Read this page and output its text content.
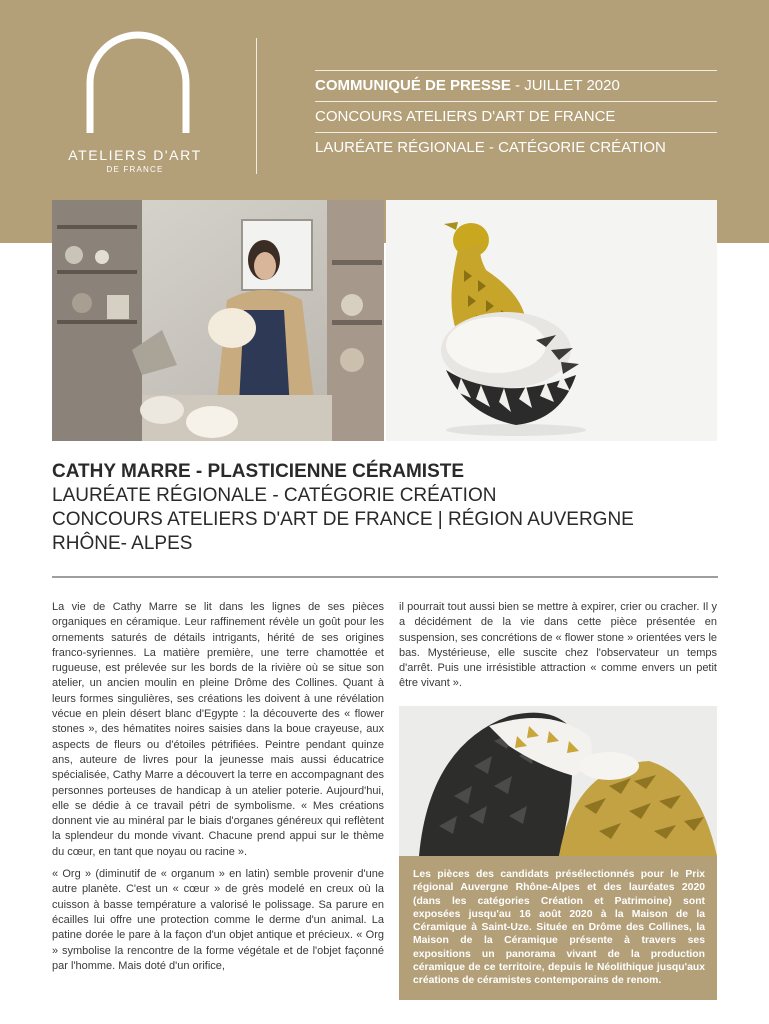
ATELIERS D'ART
DE FRANCE
COMMUNIQUÉ DE PRESSE - JUILLET 2020
CONCOURS ATELIERS D'ART DE FRANCE
LAURÉATE RÉGIONALE - CATÉGORIE CRÉATION
CATHY MARRE - PLASTICIENNE CÉRAMISTE
LAURÉATE RÉGIONALE - CATÉGORIE CRÉATION
CONCOURS ATELIERS D'ART DE FRANCE | RÉGION AUVERGNE
RHÔNE- ALPES

La vie de Cathy Marre se lit dans les lignes de ses pièces organiques en céramique. Leur raffinement révèle un goût pour les ornements saturés de détails intrigants, hérité de ses origines franco-syriennes. La matière première, une terre chamottée et rugueuse, est prélevée sur les bords de la rivière où se situe son atelier, un ancien moulin en pleine Drôme des Collines. Quant à leurs formes singulières, ses créations les doivent à une révélation vécue en plein désert blanc d'Egypte : la découverte des « flower stones », des hématites noires saisies dans la boue crayeuse, aux aspects de fleurs ou d'étoiles pétrifiées. Peintre pendant quinze ans, auteure de livres pour la jeunesse mais aussi éducatrice spécialisée, Cathy Marre a découvert la terre en accompagnant des personnes porteuses de handicap à un atelier poterie. Aujourd'hui, elle se dédie à ce travail pétri de symbolisme. « Mes créations donnent vie au minéral par le biais d'organes généreux qui reflètent la splendeur du monde vivant. Chacune prend appui sur le thème du cœur, en tant que noyau ou racine ».

« Org » (diminutif de « organum » en latin) semble provenir d'une autre planète. C'est un « cœur » de grès modelé en creux où la cuisson à basse température a valorisé le polissage. Sa parure en écailles lui offre une protection comme le derme d'un animal. La patine dorée le pare à la façon d'un objet antique et précieux. « Org » symbolise la rencontre de la forme végétale et de l'objet façonné par l'homme. Mais doté d'un orifice,

il pourrait tout aussi bien se mettre à expirer, crier ou cracher. Il y a décidément de la vie dans cette pièce présentée en suspension, ses concrétions de « flower stone » orientées vers le bas. Mystérieuse, elle suscite chez l'observateur un temps d'arrêt. Puis une irrésistible attraction « comme envers un petit être vivant ».

Les pièces des candidats présélectionnés pour le Prix régional Auvergne Rhône-Alpes et des lauréates 2020 (dans les catégories Création et Patrimoine) sont exposées jusqu'au 16 août 2020 à la Maison de la Céramique à Saint-Uze. Située en Drôme des Collines, la Maison de la Céramique présente à travers ses expositions un panorama vivant de la production céramique de ce territoire, depuis le Néolithique jusqu'aux créations de céramistes contemporains de renom.
